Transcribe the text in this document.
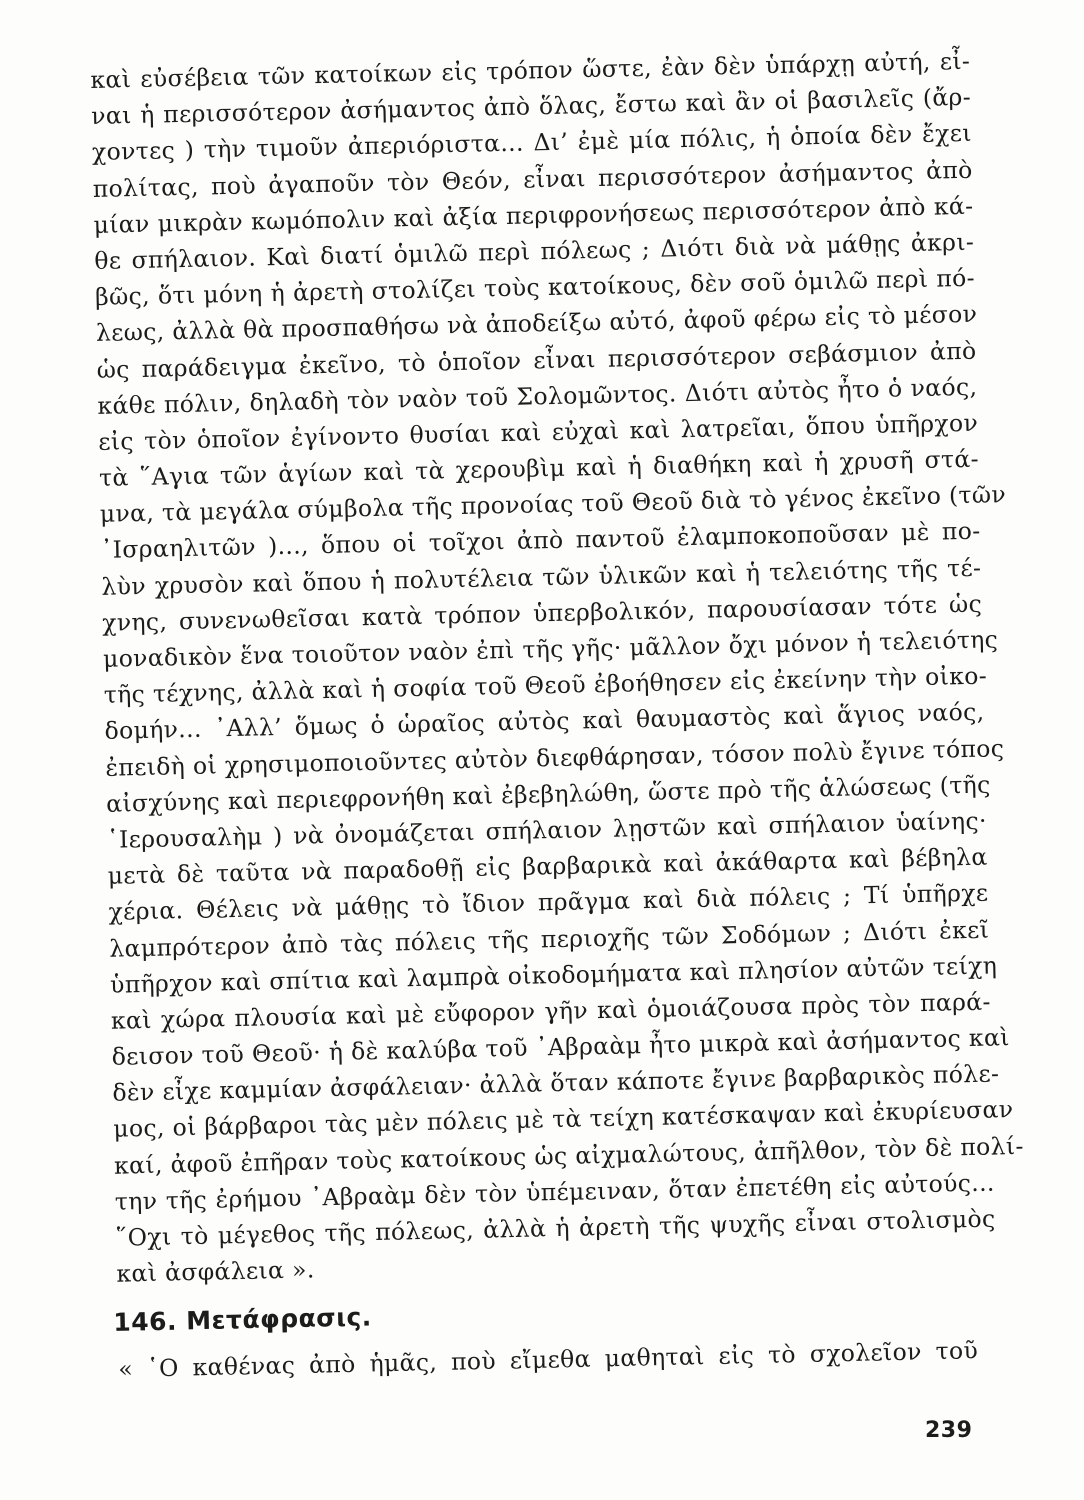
καὶ εὐσέβεια τῶν κατοίκων εἰς τρόπον ὥστε, ἐὰν δὲν ὑπάρχῃ αὐτή, εἶ-
ναι ἡ περισσότερον ἀσήμαντος ἀπὸ ὅλας, ἔστω καὶ ἂν οἱ βασιλεῖς (ἄρ-
χοντες ) τὴν τιμοῦν ἀπεριόριστα... Δι’ ἐμὲ μία πόλις, ἡ ὁποία δὲν ἔχει
πολίτας, ποὺ ἀγαποῦν τὸν Θεόν, εἶναι περισσότερον ἀσήμαντος ἀπὸ
μίαν μικρὰν κωμόπολιν καὶ ἀξία περιφρονήσεως περισσότερον ἀπὸ κά-
θε σπήλαιον. Καὶ διατί ὁμιλῶ περὶ πόλεως ; Διότι διὰ νὰ μάθῃς ἀκρι-
βῶς, ὅτι μόνη ἡ ἀρετὴ στολίζει τοὺς κατοίκους, δὲν σοῦ ὁμιλῶ περὶ πό-
λεως, ἀλλὰ θὰ προσπαθήσω νὰ ἀποδείξω αὐτό, ἀφοῦ φέρω εἰς τὸ μέσον
ὡς παράδειγμα ἐκεῖνο, τὸ ὁποῖον εἶναι περισσότερον σεβάσμιον ἀπὸ
κάθε πόλιν, δηλαδὴ τὸν ναὸν τοῦ Σολομῶντος. Διότι αὐτὸς ἦτο ὁ ναός,
εἰς τὸν ὁποῖον ἐγίνοντο θυσίαι καὶ εὐχαὶ καὶ λατρεῖαι, ὅπου ὑπῆρχον
τὰ ῞Αγια τῶν ἁγίων καὶ τὰ χερουβὶμ καὶ ἡ διαθήκη καὶ ἡ χρυσῆ στά-
μνα, τὰ μεγάλα σύμβολα τῆς προνοίας τοῦ Θεοῦ διὰ τὸ γένος ἐκεῖνο (τῶν
᾿Ισραηλιτῶν )..., ὅπου οἱ τοῖχοι ἀπὸ παντοῦ ἐλαμποκοποῦσαν μὲ πο-
λὺν χρυσὸν καὶ ὅπου ἡ πολυτέλεια τῶν ὑλικῶν καὶ ἡ τελειότης τῆς τέ-
χνης, συνενωθεῖσαι κατὰ τρόπον ὑπερβολικόν, παρουσίασαν τότε ὡς
μοναδικὸν ἕνα τοιοῦτον ναὸν ἐπὶ τῆς γῆς· μᾶλλον ὄχι μόνον ἡ τελειότης
τῆς τέχνης, ἀλλὰ καὶ ἡ σοφία τοῦ Θεοῦ ἐβοήθησεν εἰς ἐκείνην τὴν οἰκο-
δομήν... ᾿Αλλ’ ὅμως ὁ ὡραῖος αὐτὸς καὶ θαυμαστὸς καὶ ἅγιος ναός,
ἐπειδὴ οἱ χρησιμοποιοῦντες αὐτὸν διεφθάρησαν, τόσον πολὺ ἔγινε τόπος
αἰσχύνης καὶ περιεφρονήθη καὶ ἐβεβηλώθη, ὥστε πρὸ τῆς ἁλώσεως (τῆς
῾Ιερουσαλὴμ ) νὰ ὀνομάζεται σπήλαιον λῃστῶν καὶ σπήλαιον ὑαίνης·
μετὰ δὲ ταῦτα νὰ παραδοθῇ εἰς βαρβαρικὰ καὶ ἀκάθαρτα καὶ βέβηλα
χέρια. Θέλεις νὰ μάθῃς τὸ ἴδιον πρᾶγμα καὶ διὰ πόλεις ; Τί ὑπῆρχε
λαμπρότερον ἀπὸ τὰς πόλεις τῆς περιοχῆς τῶν Σοδόμων ; Διότι ἐκεῖ
ὑπῆρχον καὶ σπίτια καὶ λαμπρὰ οἰκοδομήματα καὶ πλησίον αὐτῶν τείχη
καὶ χώρα πλουσία καὶ μὲ εὔφορον γῆν καὶ ὁμοιάζουσα πρὸς τὸν παρά-
δεισον τοῦ Θεοῦ· ἡ δὲ καλύβα τοῦ ᾿Αβραὰμ ἦτο μικρὰ καὶ ἀσήμαντος καὶ
δὲν εἶχε καμμίαν ἀσφάλειαν· ἀλλὰ ὅταν κάποτε ἔγινε βαρβαρικὸς πόλε-
μος, οἱ βάρβαροι τὰς μὲν πόλεις μὲ τὰ τείχη κατέσκαψαν καὶ ἐκυρίευσαν
καί, ἀφοῦ ἐπῆραν τοὺς κατοίκους ὡς αἰχμαλώτους, ἀπῆλθον, τὸν δὲ πολί-
την τῆς ἐρήμου ᾿Αβραὰμ δὲν τὸν ὑπέμειναν, ὅταν ἐπετέθη εἰς αὐτούς...
῞Οχι τὸ μέγεθος τῆς πόλεως, ἀλλὰ ἡ ἀρετὴ τῆς ψυχῆς εἶναι στολισμὸς
καὶ ἀσφάλεια ».
146. Μετάφρασις.
« ῾Ο καθένας ἀπὸ ἡμᾶς, ποὺ εἴμεθα μαθηταὶ εἰς τὸ σχολεῖον τοῦ
239
